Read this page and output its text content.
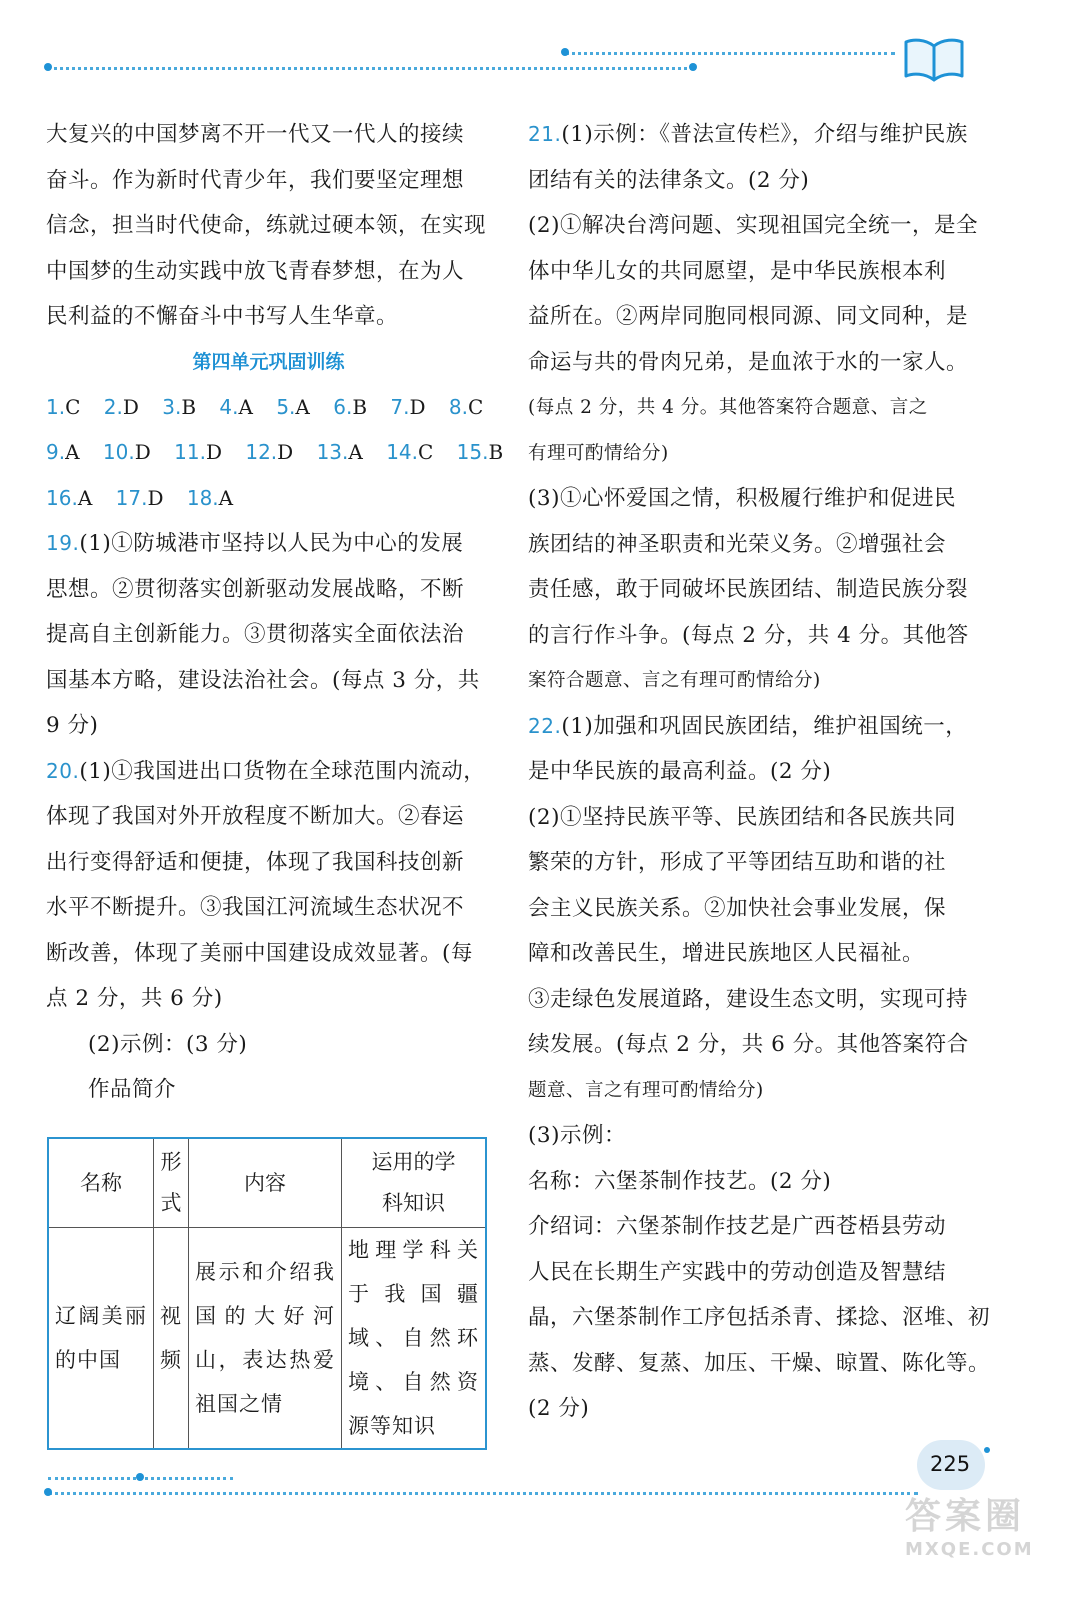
大复兴的中国梦离不开一代又一代人的接续

奋斗。作为新时代青少年，我们要坚定理想

信念，担当时代使命，练就过硬本领，在实现

中国梦的生动实践中放飞青春梦想，在为人

民利益的不懈奋斗中书写人生华章。

第四单元巩固训练

1.C 2.D 3.B 4.A 5.A 6.B 7.D 8.C
9.A 10.D 11.D 12.D 13.A 14.C 15.B
16.A 17.D 18.A

19.(1)①防城港市坚持以人民为中心的发展

思想。②贯彻落实创新驱动发展战略，不断

提高自主创新能力。③贯彻落实全面依法治

国基本方略，建设法治社会。(每点 3 分，共

9 分)

20.(1)①我国进出口货物在全球范围内流动，

体现了我国对外开放程度不断加大。②春运

出行变得舒适和便捷，体现了我国科技创新

水平不断提升。③我国江河流域生态状况不

断改善，体现了美丽中国建设成效显著。(每

点 2 分，共 6 分)

(2)示例：(3 分)

作品简介

名称	形式	内容	运用的学科知识

辽阔美丽的中国	视频	展示和介绍我国的大好河山，表达热爱祖国之情	地理学科关于我国疆域、自然环境、自然资源等知识

21.(1)示例：《普法宣传栏》，介绍与维护民族

团结有关的法律条文。(2 分)

(2)①解决台湾问题、实现祖国完全统一，是全

体中华儿女的共同愿望，是中华民族根本利

益所在。②两岸同胞同根同源、同文同种，是

命运与共的骨肉兄弟，是血浓于水的一家人。

(每点 2 分，共 4 分。其他答案符合题意、言之

有理可酌情给分)

(3)①心怀爱国之情，积极履行维护和促进民

族团结的神圣职责和光荣义务。②增强社会

责任感，敢于同破坏民族团结、制造民族分裂

的言行作斗争。(每点 2 分，共 4 分。其他答

案符合题意、言之有理可酌情给分)

22.(1)加强和巩固民族团结，维护祖国统一，

是中华民族的最高利益。(2 分)

(2)①坚持民族平等、民族团结和各民族共同

繁荣的方针，形成了平等团结互助和谐的社

会主义民族关系。②加快社会事业发展，保

障和改善民生，增进民族地区人民福祉。

③走绿色发展道路，建设生态文明，实现可持

续发展。(每点 2 分，共 6 分。其他答案符合

题意、言之有理可酌情给分)

(3)示例：

名称：六堡茶制作技艺。(2 分)

介绍词：六堡茶制作技艺是广西苍梧县劳动

人民在长期生产实践中的劳动创造及智慧结

晶，六堡茶制作工序包括杀青、揉捻、沤堆、初

蒸、发酵、复蒸、加压、干燥、晾置、陈化等。

(2 分)

225
答案圈
MXQE.COM
